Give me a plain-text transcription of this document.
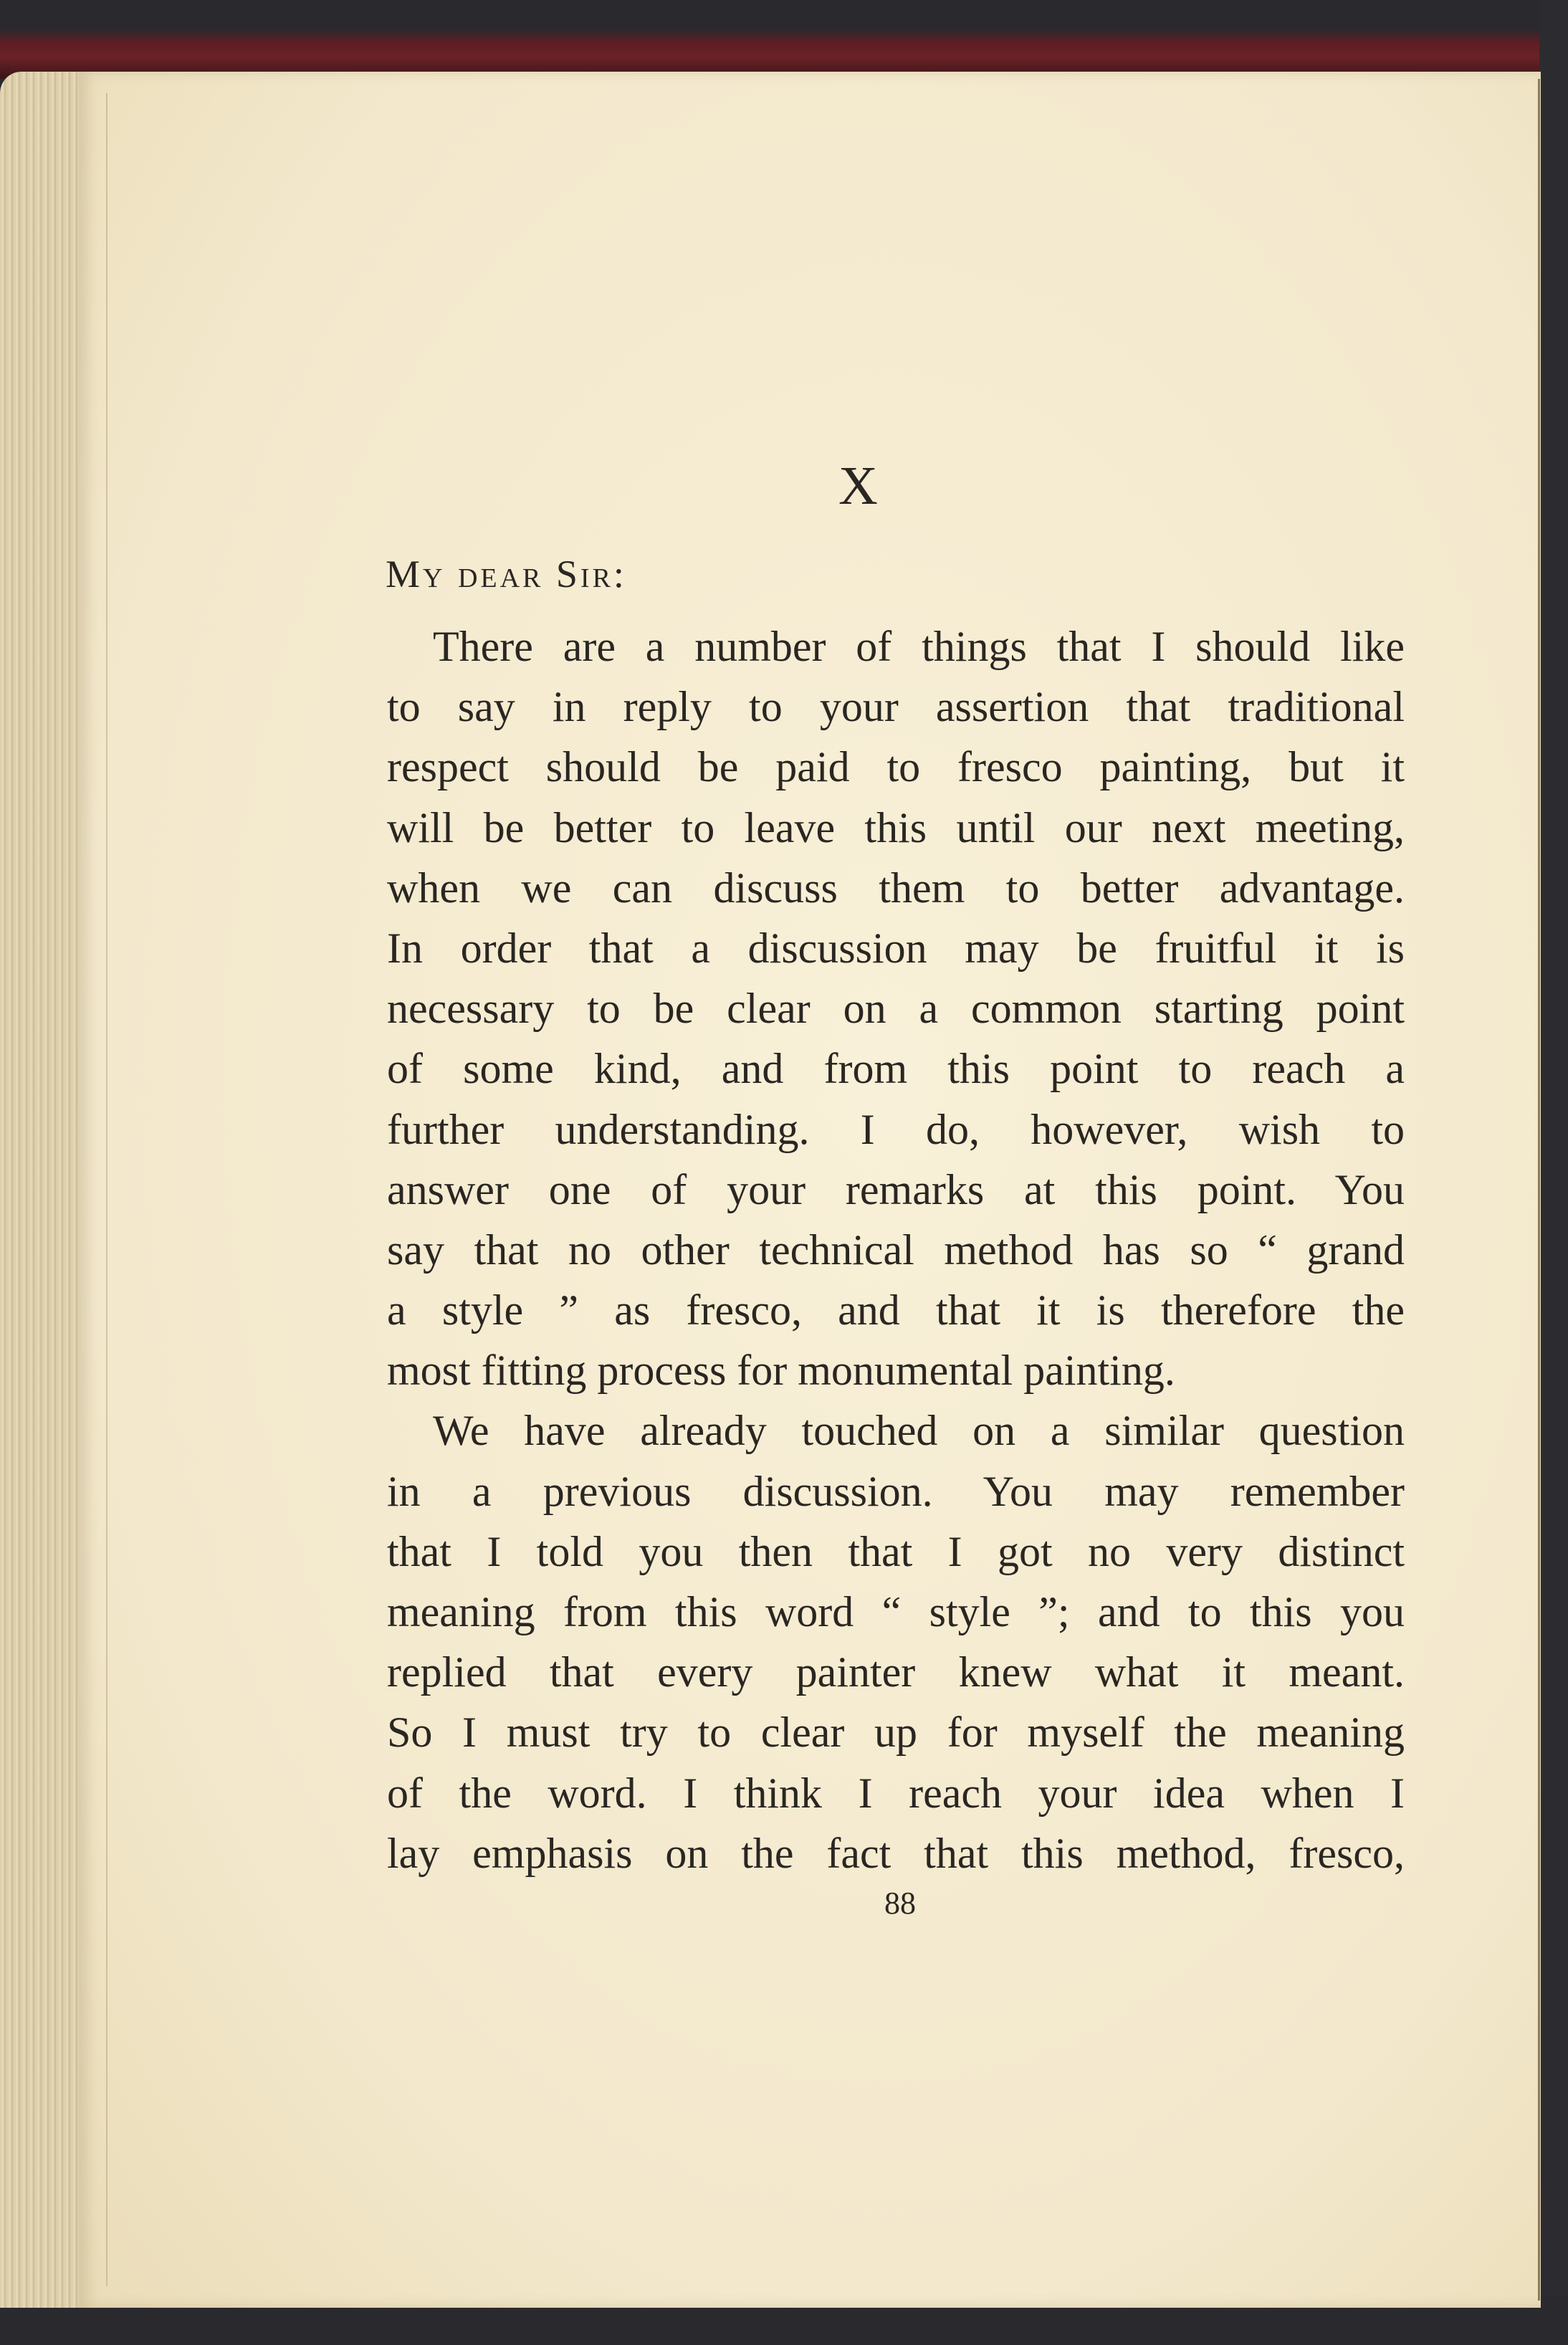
X
My dear Sir:
There are a number of things that I should like
to say in reply to your assertion that traditional
respect should be paid to fresco painting, but it
will be better to leave this until our next meeting,
when we can discuss them to better advantage.
In order that a discussion may be fruitful it is
necessary to be clear on a common starting point
of some kind, and from this point to reach a
further understanding. I do, however, wish to
answer one of your remarks at this point. You
say that no other technical method has so “ grand
a style ” as fresco, and that it is therefore the
most fitting process for monumental painting.
We have already touched on a similar question
in a previous discussion. You may remember
that I told you then that I got no very distinct
meaning from this word “ style ”; and to this you
replied that every painter knew what it meant.
So I must try to clear up for myself the meaning
of the word. I think I reach your idea when I
lay emphasis on the fact that this method, fresco,
88
